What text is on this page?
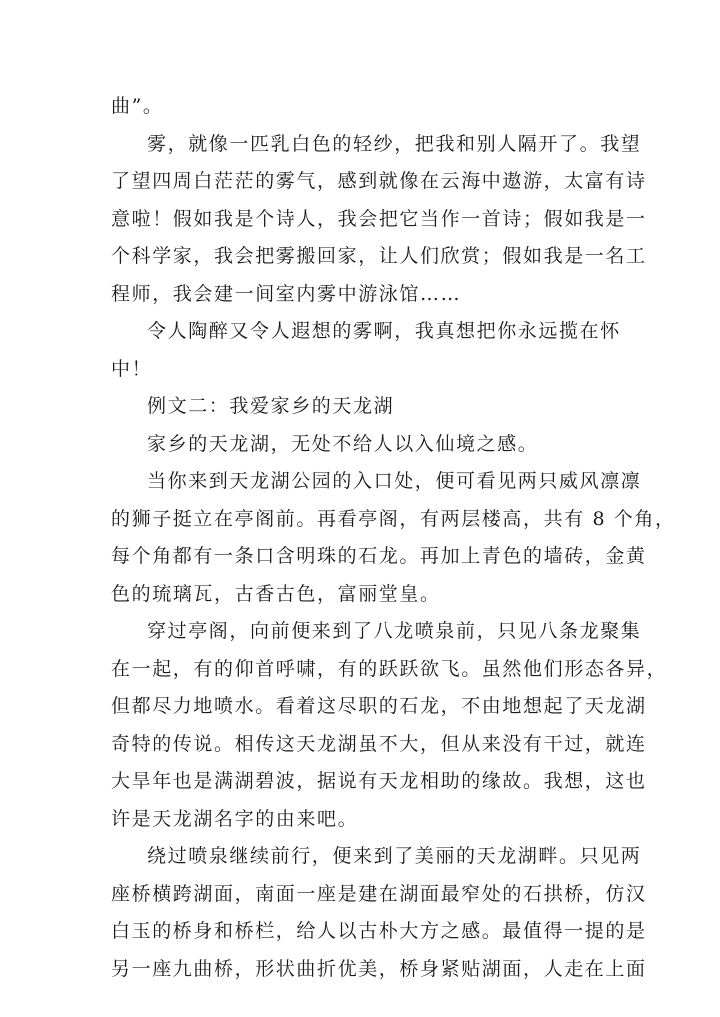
曲”。
雾，就像一匹乳白色的轻纱，把我和别人隔开了。我望
了望四周白茫茫的雾气，感到就像在云海中遨游，太富有诗
意啦！假如我是个诗人，我会把它当作一首诗；假如我是一
个科学家，我会把雾搬回家，让人们欣赏；假如我是一名工
程师，我会建一间室内雾中游泳馆……
令人陶醉又令人遐想的雾啊，我真想把你永远揽在怀
中！
例文二：我爱家乡的天龙湖
家乡的天龙湖，无处不给人以入仙境之感。
当你来到天龙湖公园的入口处，便可看见两只威风凛凛
的狮子挺立在亭阁前。再看亭阁，有两层楼高，共有 8 个角，
每个角都有一条口含明珠的石龙。再加上青色的墙砖，金黄
色的琉璃瓦，古香古色，富丽堂皇。
穿过亭阁，向前便来到了八龙喷泉前，只见八条龙聚集
在一起，有的仰首呼啸，有的跃跃欲飞。虽然他们形态各异，
但都尽力地喷水。看着这尽职的石龙，不由地想起了天龙湖
奇特的传说。相传这天龙湖虽不大，但从来没有干过，就连
大旱年也是满湖碧波，据说有天龙相助的缘故。我想，这也
许是天龙湖名字的由来吧。
绕过喷泉继续前行，便来到了美丽的天龙湖畔。只见两
座桥横跨湖面，南面一座是建在湖面最窄处的石拱桥，仿汉
白玉的桥身和桥栏，给人以古朴大方之感。最值得一提的是
另一座九曲桥，形状曲折优美，桥身紧贴湖面，人走在上面
